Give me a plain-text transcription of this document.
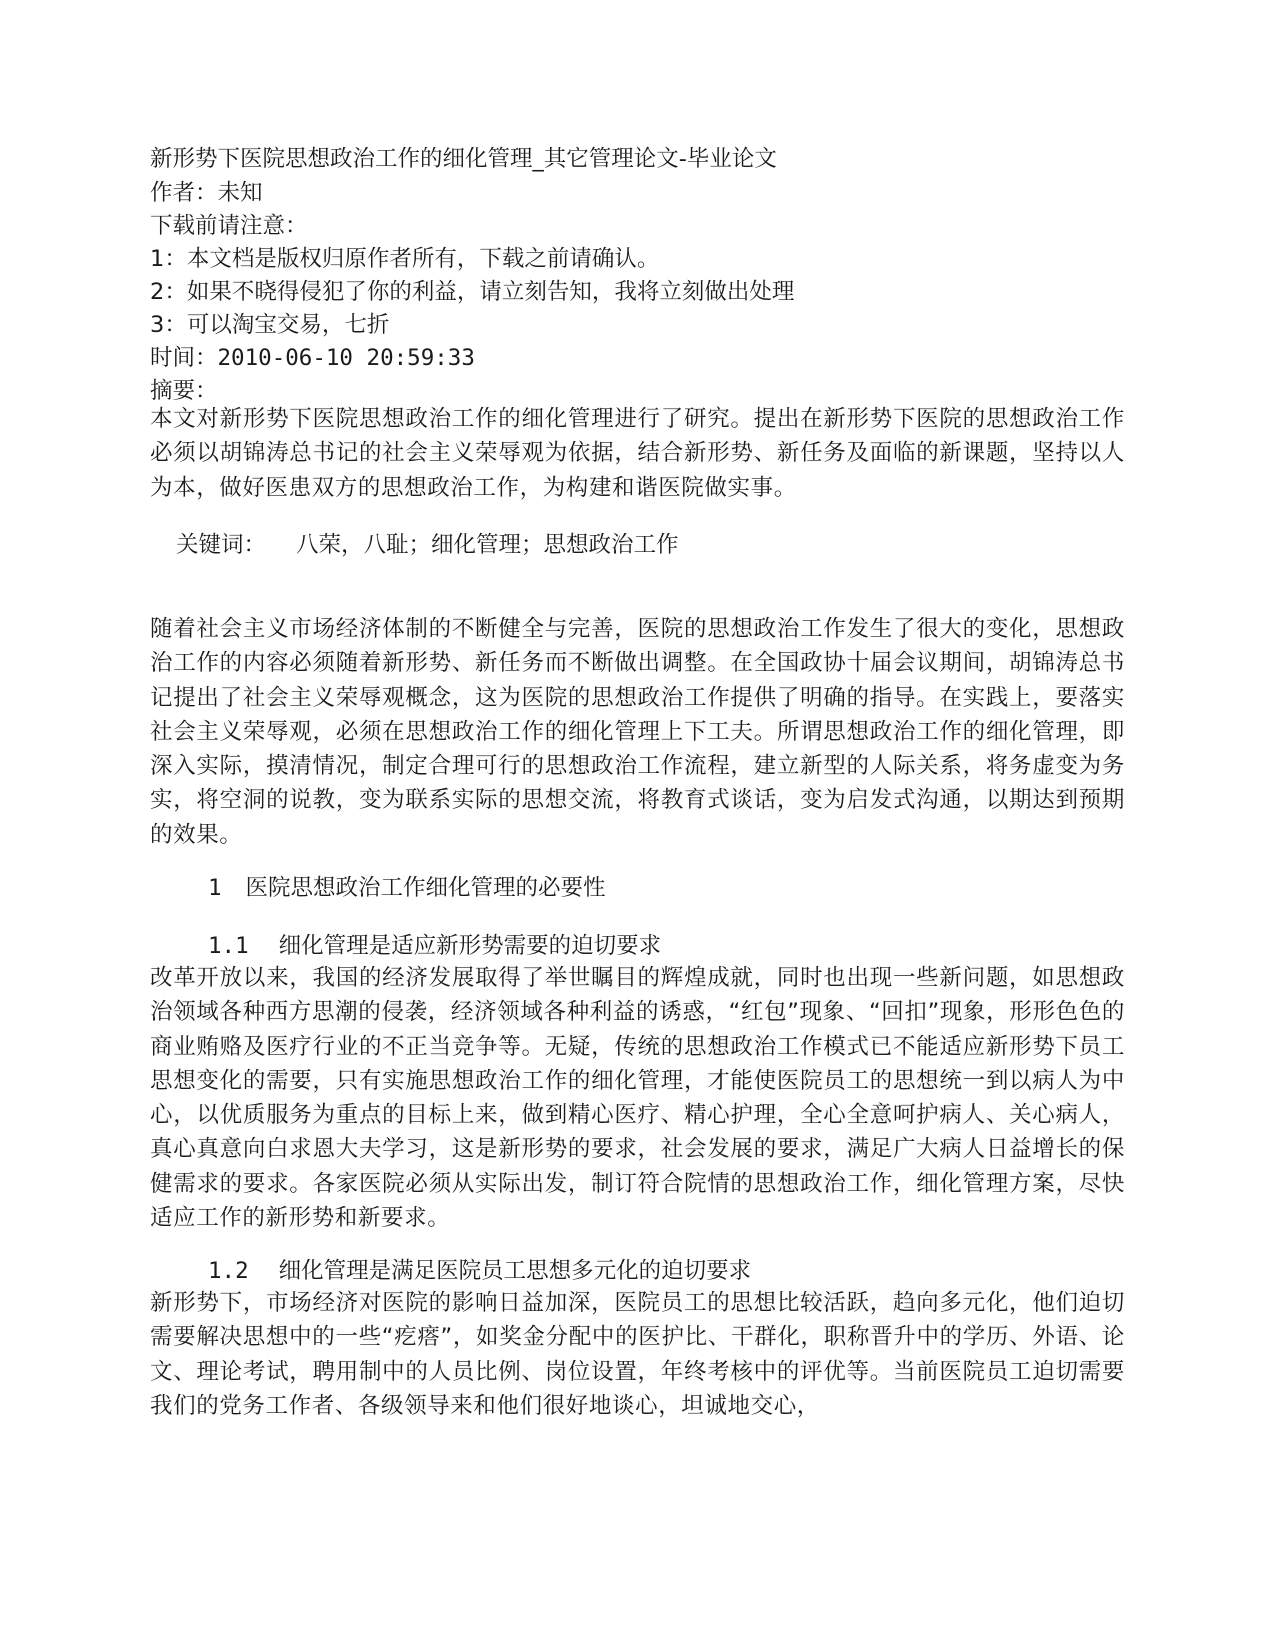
新形势下医院思想政治工作的细化管理_其它管理论文-毕业论文
作者：未知
下载前请注意：
1：本文档是版权归原作者所有，下载之前请确认。
2：如果不晓得侵犯了你的利益，请立刻告知，我将立刻做出处理
3：可以淘宝交易，七折
时间：2010-06-10 20:59:33
摘要：
本文对新形势下医院思想政治工作的细化管理进行了研究。提出在新形势下医院的思想政治工作必须以胡锦涛总书记的社会主义荣辱观为依据，结合新形势、新任务及面临的新课题，坚持以人为本，做好医患双方的思想政治工作，为构建和谐医院做实事。
关键词： 八荣，八耻；细化管理；思想政治工作
随着社会主义市场经济体制的不断健全与完善，医院的思想政治工作发生了很大的变化，思想政治工作的内容必须随着新形势、新任务而不断做出调整。在全国政协十届会议期间，胡锦涛总书记提出了社会主义荣辱观概念，这为医院的思想政治工作提供了明确的指导。在实践上，要落实社会主义荣辱观，必须在思想政治工作的细化管理上下工夫。所谓思想政治工作的细化管理，即深入实际，摸清情况，制定合理可行的思想政治工作流程，建立新型的人际关系，将务虚变为务实，将空洞的说教，变为联系实际的思想交流，将教育式谈话，变为启发式沟通，以期达到预期的效果。
1 医院思想政治工作细化管理的必要性
1.1 细化管理是适应新形势需要的迫切要求
改革开放以来，我国的经济发展取得了举世瞩目的辉煌成就，同时也出现一些新问题，如思想政治领域各种西方思潮的侵袭，经济领域各种利益的诱惑，“红包”现象、“回扣”现象，形形色色的商业贿赂及医疗行业的不正当竞争等。无疑，传统的思想政治工作模式已不能适应新形势下员工思想变化的需要，只有实施思想政治工作的细化管理，才能使医院员工的思想统一到以病人为中心，以优质服务为重点的目标上来，做到精心医疗、精心护理，全心全意呵护病人、关心病人，真心真意向白求恩大夫学习，这是新形势的要求，社会发展的要求，满足广大病人日益增长的保健需求的要求。各家医院必须从实际出发，制订符合院情的思想政治工作，细化管理方案，尽快适应工作的新形势和新要求。
1.2 细化管理是满足医院员工思想多元化的迫切要求
新形势下，市场经济对医院的影响日益加深，医院员工的思想比较活跃，趋向多元化，他们迫切需要解决思想中的一些“疙瘩”，如奖金分配中的医护比、干群化，职称晋升中的学历、外语、论文、理论考试，聘用制中的人员比例、岗位设置，年终考核中的评优等。当前医院员工迫切需要我们的党务工作者、各级领导来和他们很好地谈心，坦诚地交心，
